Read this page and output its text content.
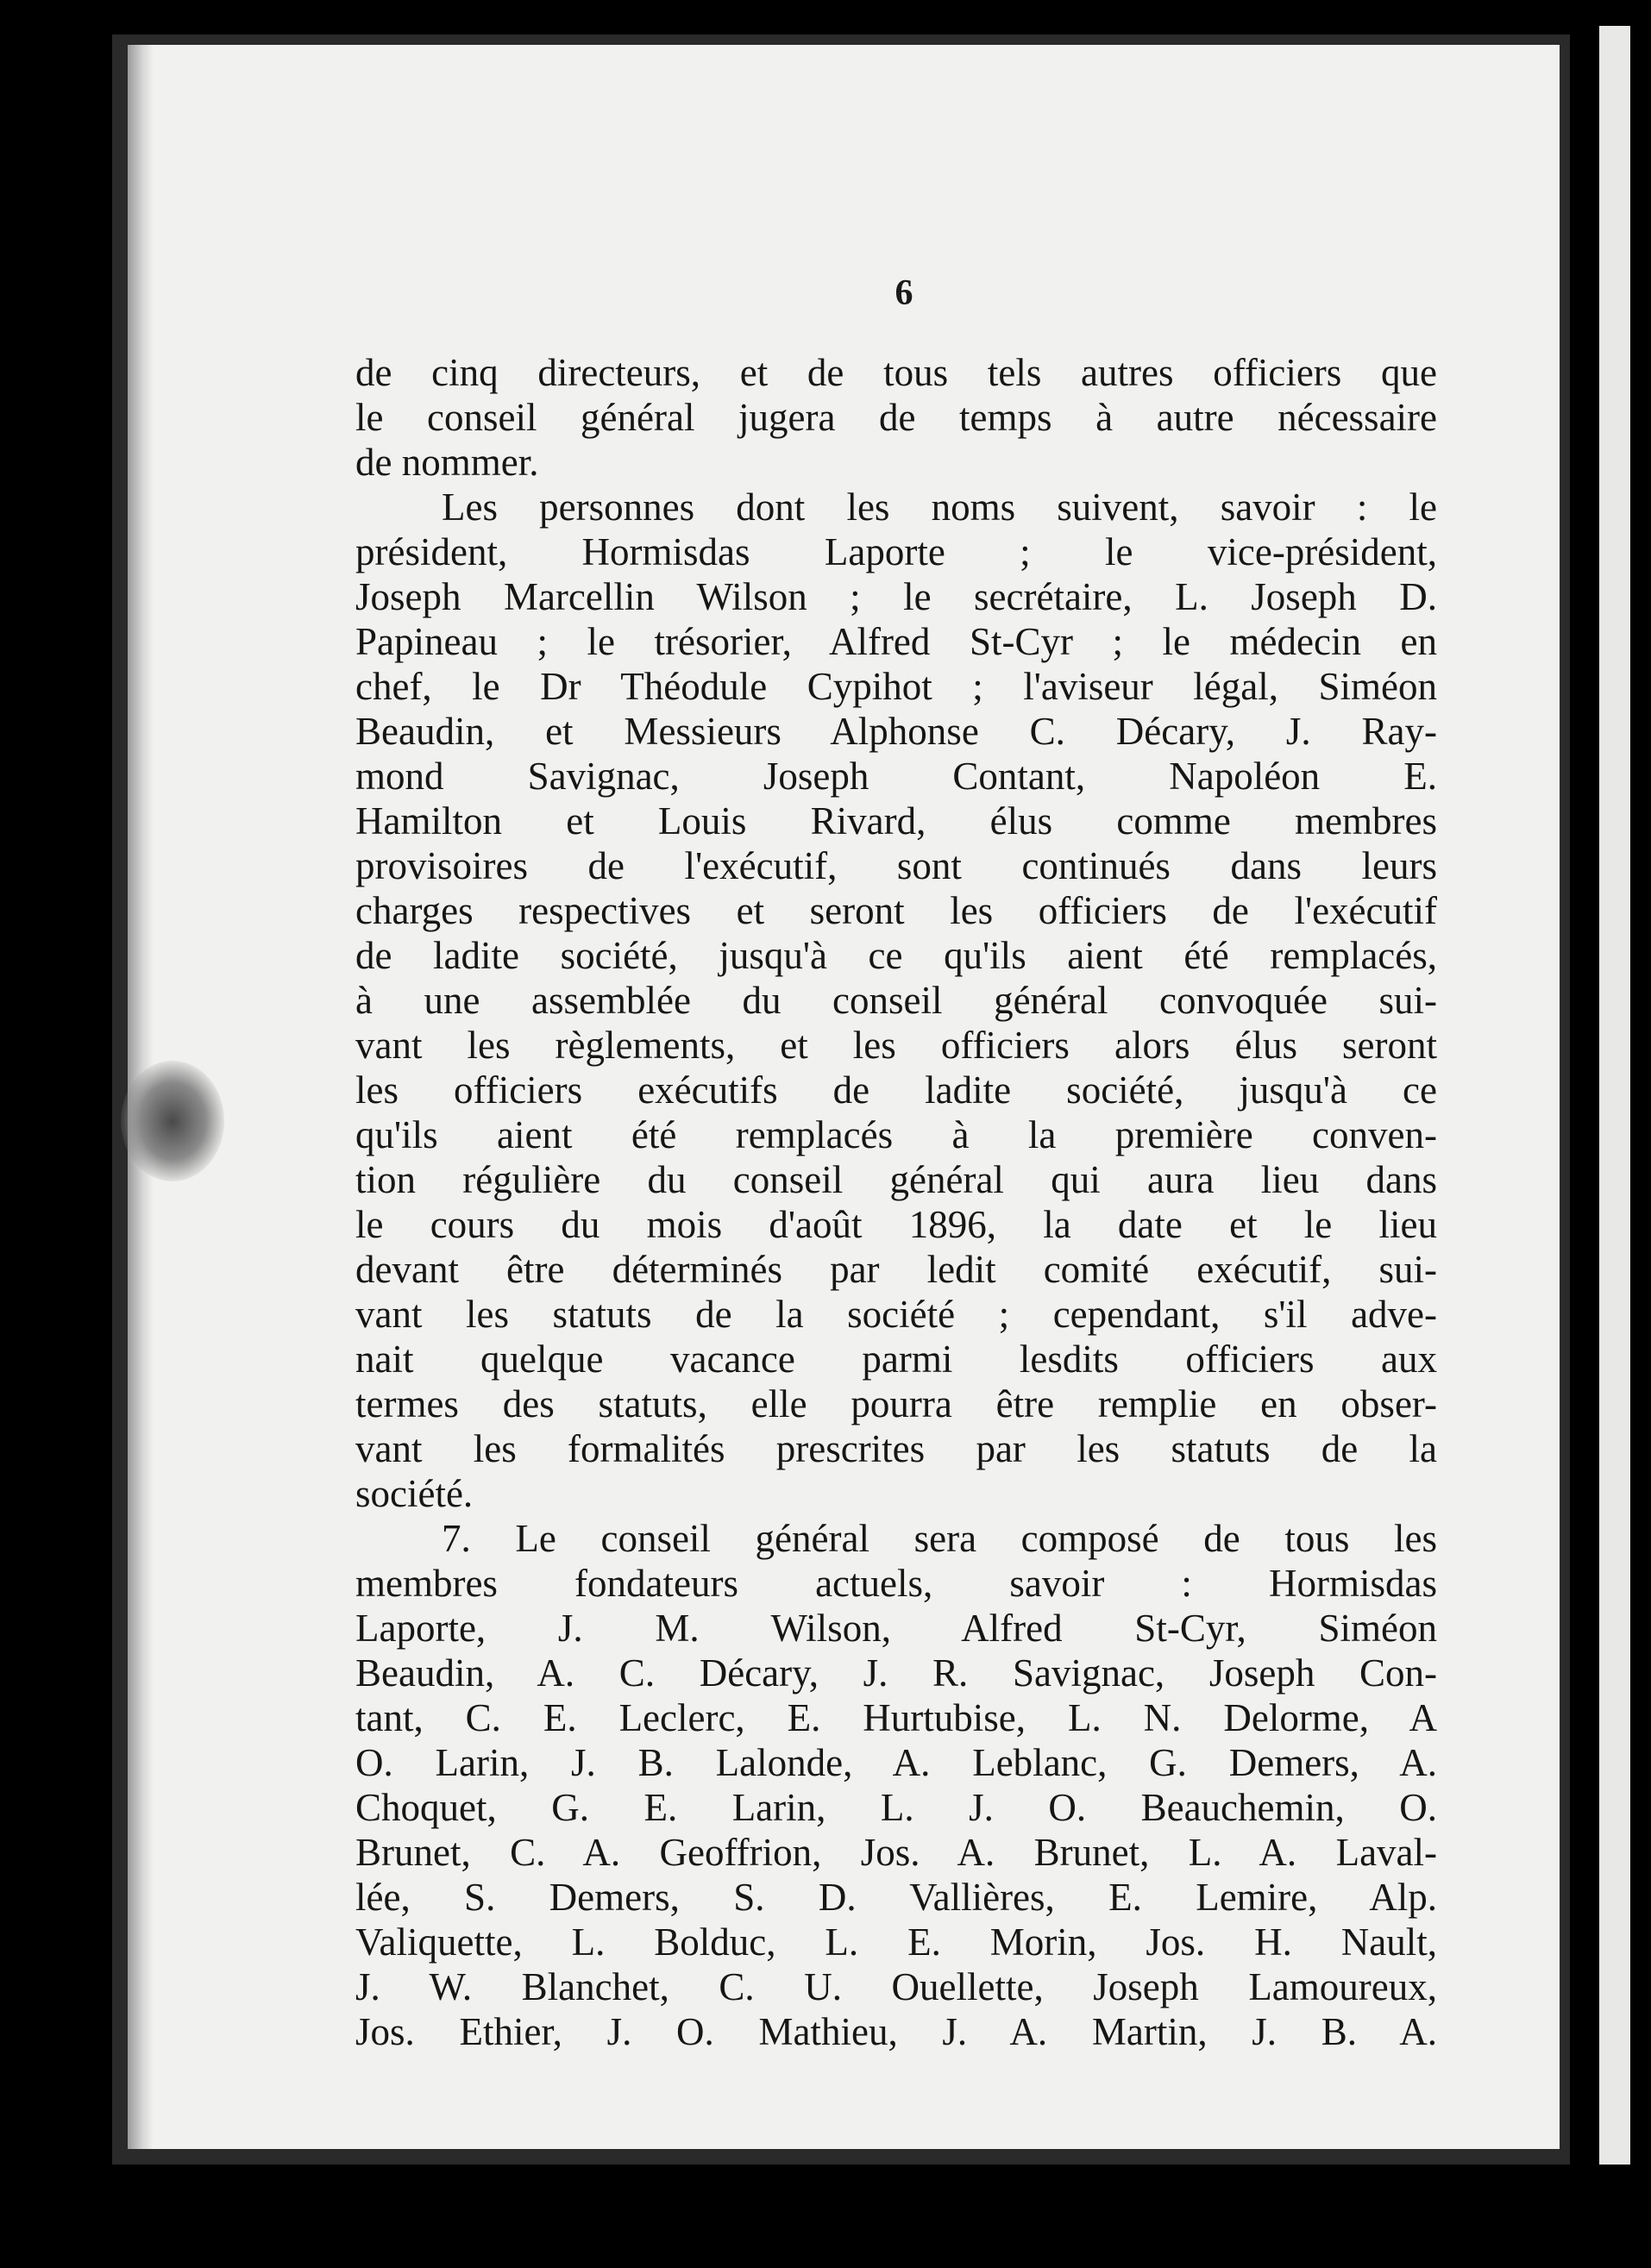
6
de cinq directeurs, et de tous tels autres officiers que
le conseil général jugera de temps à autre nécessaire
de nommer.
Les personnes dont les noms suivent, savoir : le
président, Hormisdas Laporte ; le vice-président,
Joseph Marcellin Wilson ; le secrétaire, L. Joseph D.
Papineau ; le trésorier, Alfred St-Cyr ; le médecin en
chef, le Dr Théodule Cypihot ; l'aviseur légal, Siméon
Beaudin, et Messieurs Alphonse C. Décary, J. Ray-
mond Savignac, Joseph Contant, Napoléon E.
Hamilton et Louis Rivard, élus comme membres
provisoires de l'exécutif, sont continués dans leurs
charges respectives et seront les officiers de l'exécutif
de ladite société, jusqu'à ce qu'ils aient été remplacés,
à une assemblée du conseil général convoquée sui-
vant les règlements, et les officiers alors élus seront
les officiers exécutifs de ladite société, jusqu'à ce
qu'ils aient été remplacés à la première conven-
tion régulière du conseil général qui aura lieu dans
le cours du mois d'août 1896, la date et le lieu
devant être déterminés par ledit comité exécutif, sui-
vant les statuts de la société ; cependant, s'il adve-
nait quelque vacance parmi lesdits officiers aux
termes des statuts, elle pourra être remplie en obser-
vant les formalités prescrites par les statuts de la
société.
7. Le conseil général sera composé de tous les
membres fondateurs actuels, savoir : Hormisdas
Laporte, J. M. Wilson, Alfred St-Cyr, Siméon
Beaudin, A. C. Décary, J. R. Savignac, Joseph Con-
tant, C. E. Leclerc, E. Hurtubise, L. N. Delorme, A
O. Larin, J. B. Lalonde, A. Leblanc, G. Demers, A.
Choquet, G. E. Larin, L. J. O. Beauchemin, O.
Brunet, C. A. Geoffrion, Jos. A. Brunet, L. A. Laval-
lée, S. Demers, S. D. Vallières, E. Lemire, Alp.
Valiquette, L. Bolduc, L. E. Morin, Jos. H. Nault,
J. W. Blanchet, C. U. Ouellette, Joseph Lamoureux,
Jos. Ethier, J. O. Mathieu, J. A. Martin, J. B. A.
